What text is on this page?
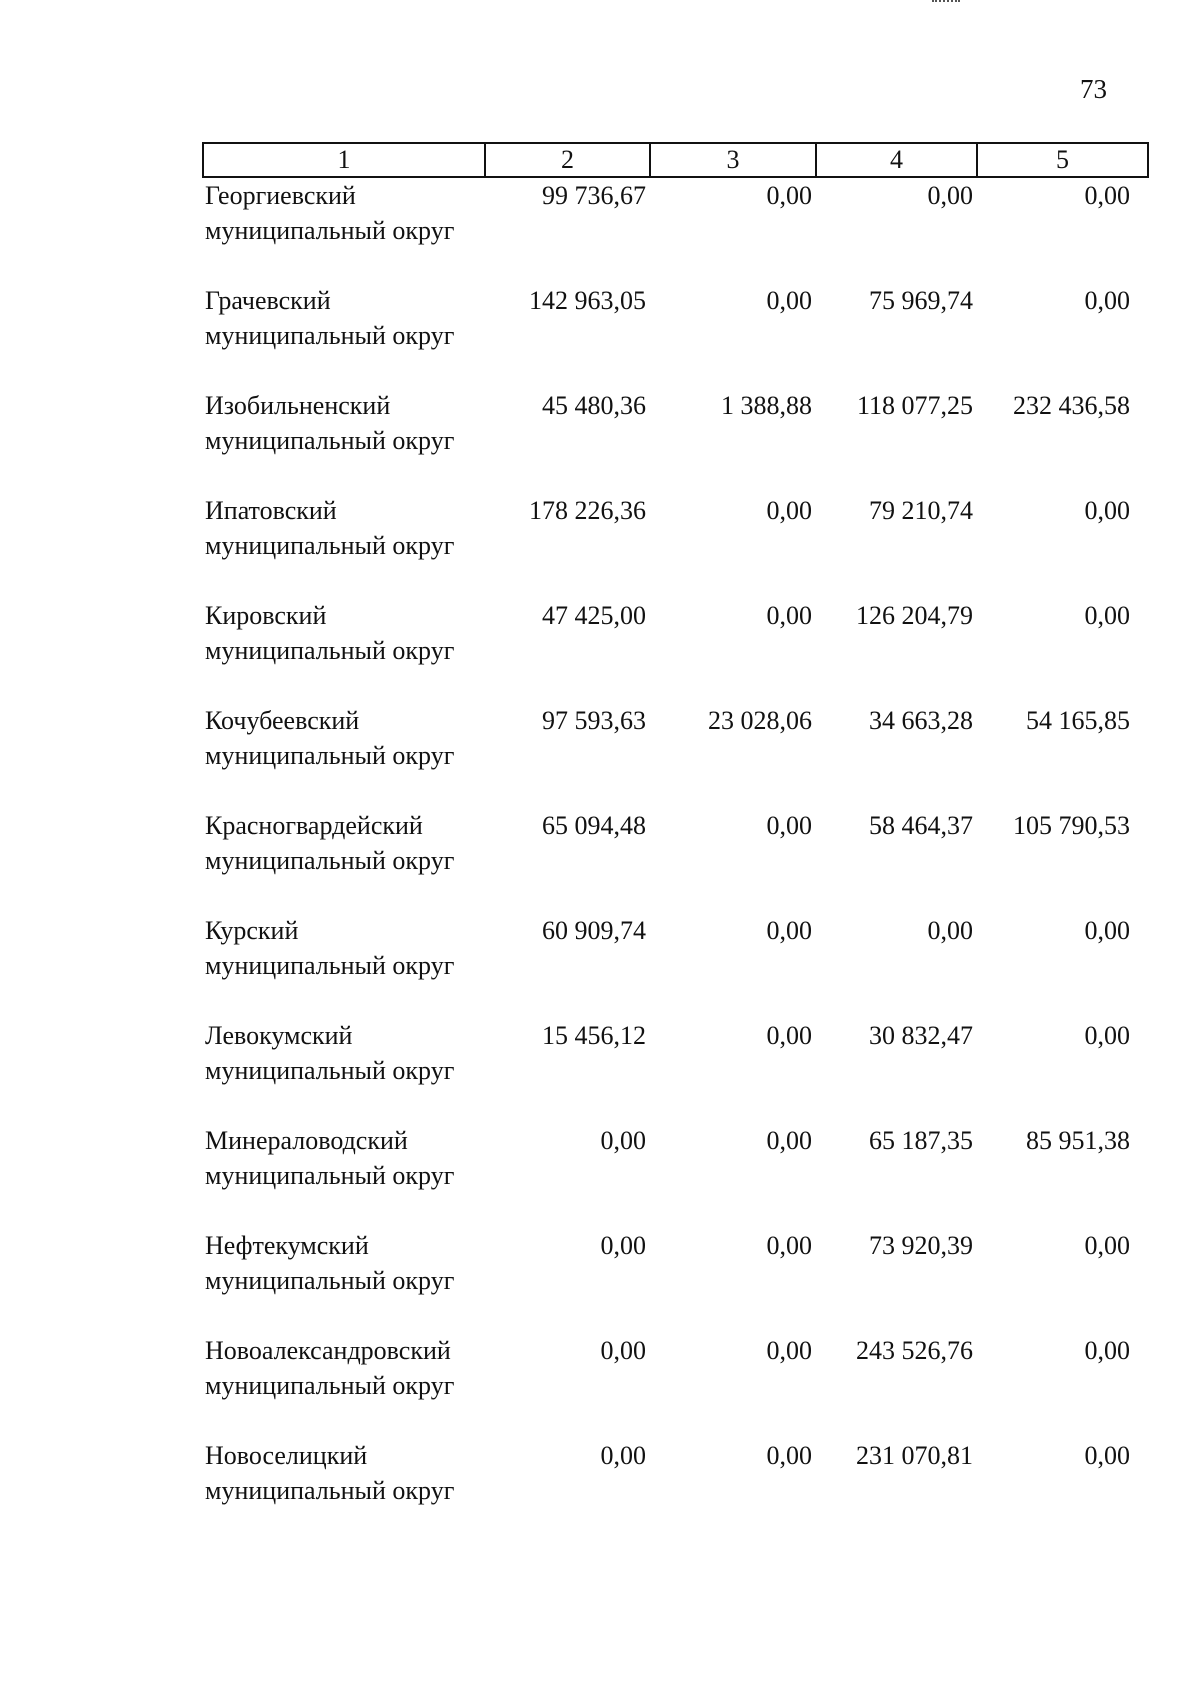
73
1	2	3	4	5

Георгиевский
муниципальный округ	99 736,67	0,00	0,00	0,00

Грачевский
муниципальный округ	142 963,05	0,00	75 969,74	0,00

Изобильненский
муниципальный округ	45 480,36	1 388,88	118 077,25	232 436,58

Ипатовский
муниципальный округ	178 226,36	0,00	79 210,74	0,00

Кировский
муниципальный округ	47 425,00	0,00	126 204,79	0,00

Кочубеевский
муниципальный округ	97 593,63	23 028,06	34 663,28	54 165,85

Красногвардейский
муниципальный округ	65 094,48	0,00	58 464,37	105 790,53

Курский
муниципальный округ	60 909,74	0,00	0,00	0,00

Левокумский
муниципальный округ	15 456,12	0,00	30 832,47	0,00

Минераловодский
муниципальный округ	0,00	0,00	65 187,35	85 951,38

Нефтекумский
муниципальный округ	0,00	0,00	73 920,39	0,00

Новоалександровский
муниципальный округ	0,00	0,00	243 526,76	0,00

Новоселицкий
муниципальный округ	0,00	0,00	231 070,81	0,00
